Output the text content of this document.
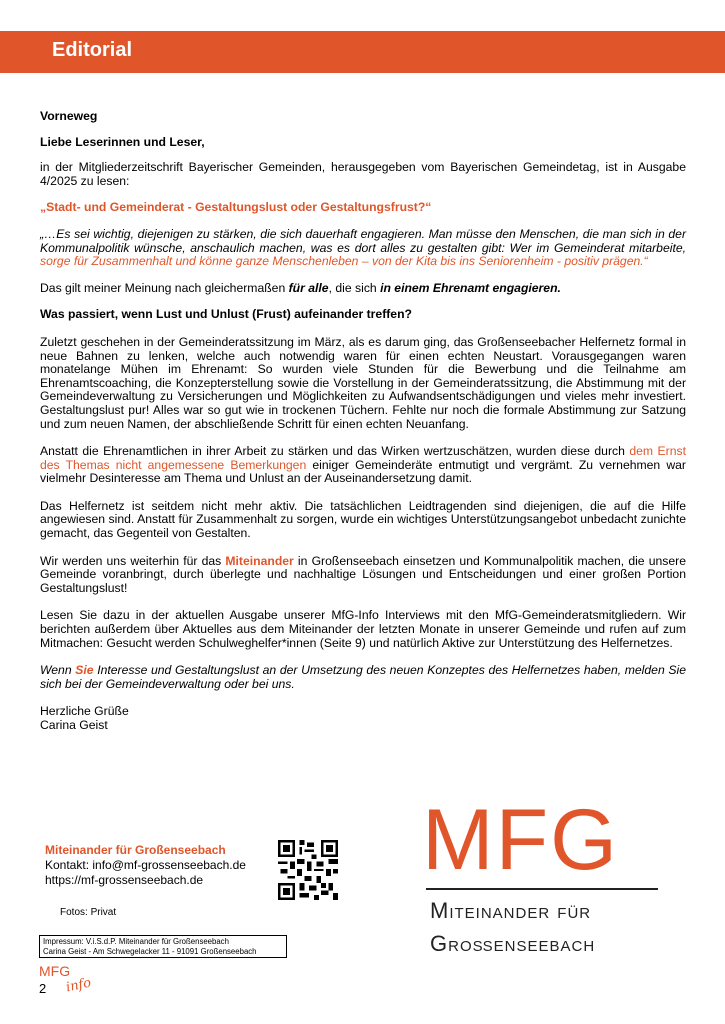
Editorial

Vorneweg

Liebe Leserinnen und Leser,

in der Mitgliederzeitschrift Bayerischer Gemeinden, herausgegeben vom Bayerischen Gemeindetag, ist in Ausgabe 4/2025 zu lesen:

„Stadt- und Gemeinderat - Gestaltungslust oder Gestaltungsfrust?“

„…Es sei wichtig, diejenigen zu stärken, die sich dauerhaft engagieren. Man müsse den Menschen, die man sich in der Kommunalpolitik wünsche, anschaulich machen, was es dort alles zu gestalten gibt: Wer im Gemeinderat mitarbeite, sorge für Zusammenhalt und könne ganze Menschenleben – von der Kita bis ins Seniorenheim - positiv prägen.“

Das gilt meiner Meinung nach gleichermaßen für alle, die sich in einem Ehrenamt engagieren.

Was passiert, wenn Lust und Unlust (Frust) aufeinander treffen?

Zuletzt geschehen in der Gemeinderatssitzung im März, als es darum ging, das Großenseebacher Helfernetz formal in neue Bahnen zu lenken, welche auch notwendig waren für einen echten Neustart. Vorausgegangen waren monatelange Mühen im Ehrenamt: So wurden viele Stunden für die Bewerbung und die Teilnahme am Ehrenamtscoaching, die Konzepterstellung sowie die Vorstellung in der Gemeinderatssitzung, die Abstimmung mit der Gemeindeverwaltung zu Versicherungen und Möglichkeiten zu Aufwandsentschädigungen und vieles mehr investiert. Gestaltungslust pur! Alles war so gut wie in trockenen Tüchern. Fehlte nur noch die formale Abstimmung zur Satzung und zum neuen Namen, der abschließende Schritt für einen echten Neuanfang.

Anstatt die Ehrenamtlichen in ihrer Arbeit zu stärken und das Wirken wertzuschätzen, wurden diese durch dem Ernst des Themas nicht angemessene Bemerkungen einiger Gemeinderäte entmutigt und vergrämt. Zu vernehmen war vielmehr Desinteresse am Thema und Unlust an der Auseinandersetzung damit.

Das Helfernetz ist seitdem nicht mehr aktiv. Die tatsächlichen Leidtragenden sind diejenigen, die auf die Hilfe angewiesen sind. Anstatt für Zusammenhalt zu sorgen, wurde ein wichtiges Unterstützungsangebot unbedacht zunichte gemacht, das Gegenteil von Gestalten.

Wir werden uns weiterhin für das Miteinander in Großenseebach einsetzen und Kommunalpolitik machen, die unsere Gemeinde voranbringt, durch überlegte und nachhaltige Lösungen und Entscheidungen und einer großen Portion Gestaltungslust!

Lesen Sie dazu in der aktuellen Ausgabe unserer MfG-Info Interviews mit den MfG-Gemeinderatsmitgliedern. Wir berichten außerdem über Aktuelles aus dem Miteinander der letzten Monate in unserer Gemeinde und rufen auf zum Mitmachen: Gesucht werden Schulweghelfer*innen (Seite 9) und natürlich Aktive zur Unterstützung des Helfernetzes.

Wenn Sie Interesse und Gestaltungslust an der Umsetzung des neuen Konzeptes des Helfernetzes haben, melden Sie sich bei der Gemeindeverwaltung oder bei uns.

Herzliche Grüße

Carina Geist

Miteinander für Großenseebach
Kontakt: info@mf-grossenseebach.de
https://mf-grossenseebach.de
Fotos: Privat
Impressum: V.i.S.d.P. Miteinander für Großenseebach
Carina Geist - Am Schwegelacker 11 - 91091 Großenseebach
MFG
2 info
MFG
Miteinander für
Großenseebach
